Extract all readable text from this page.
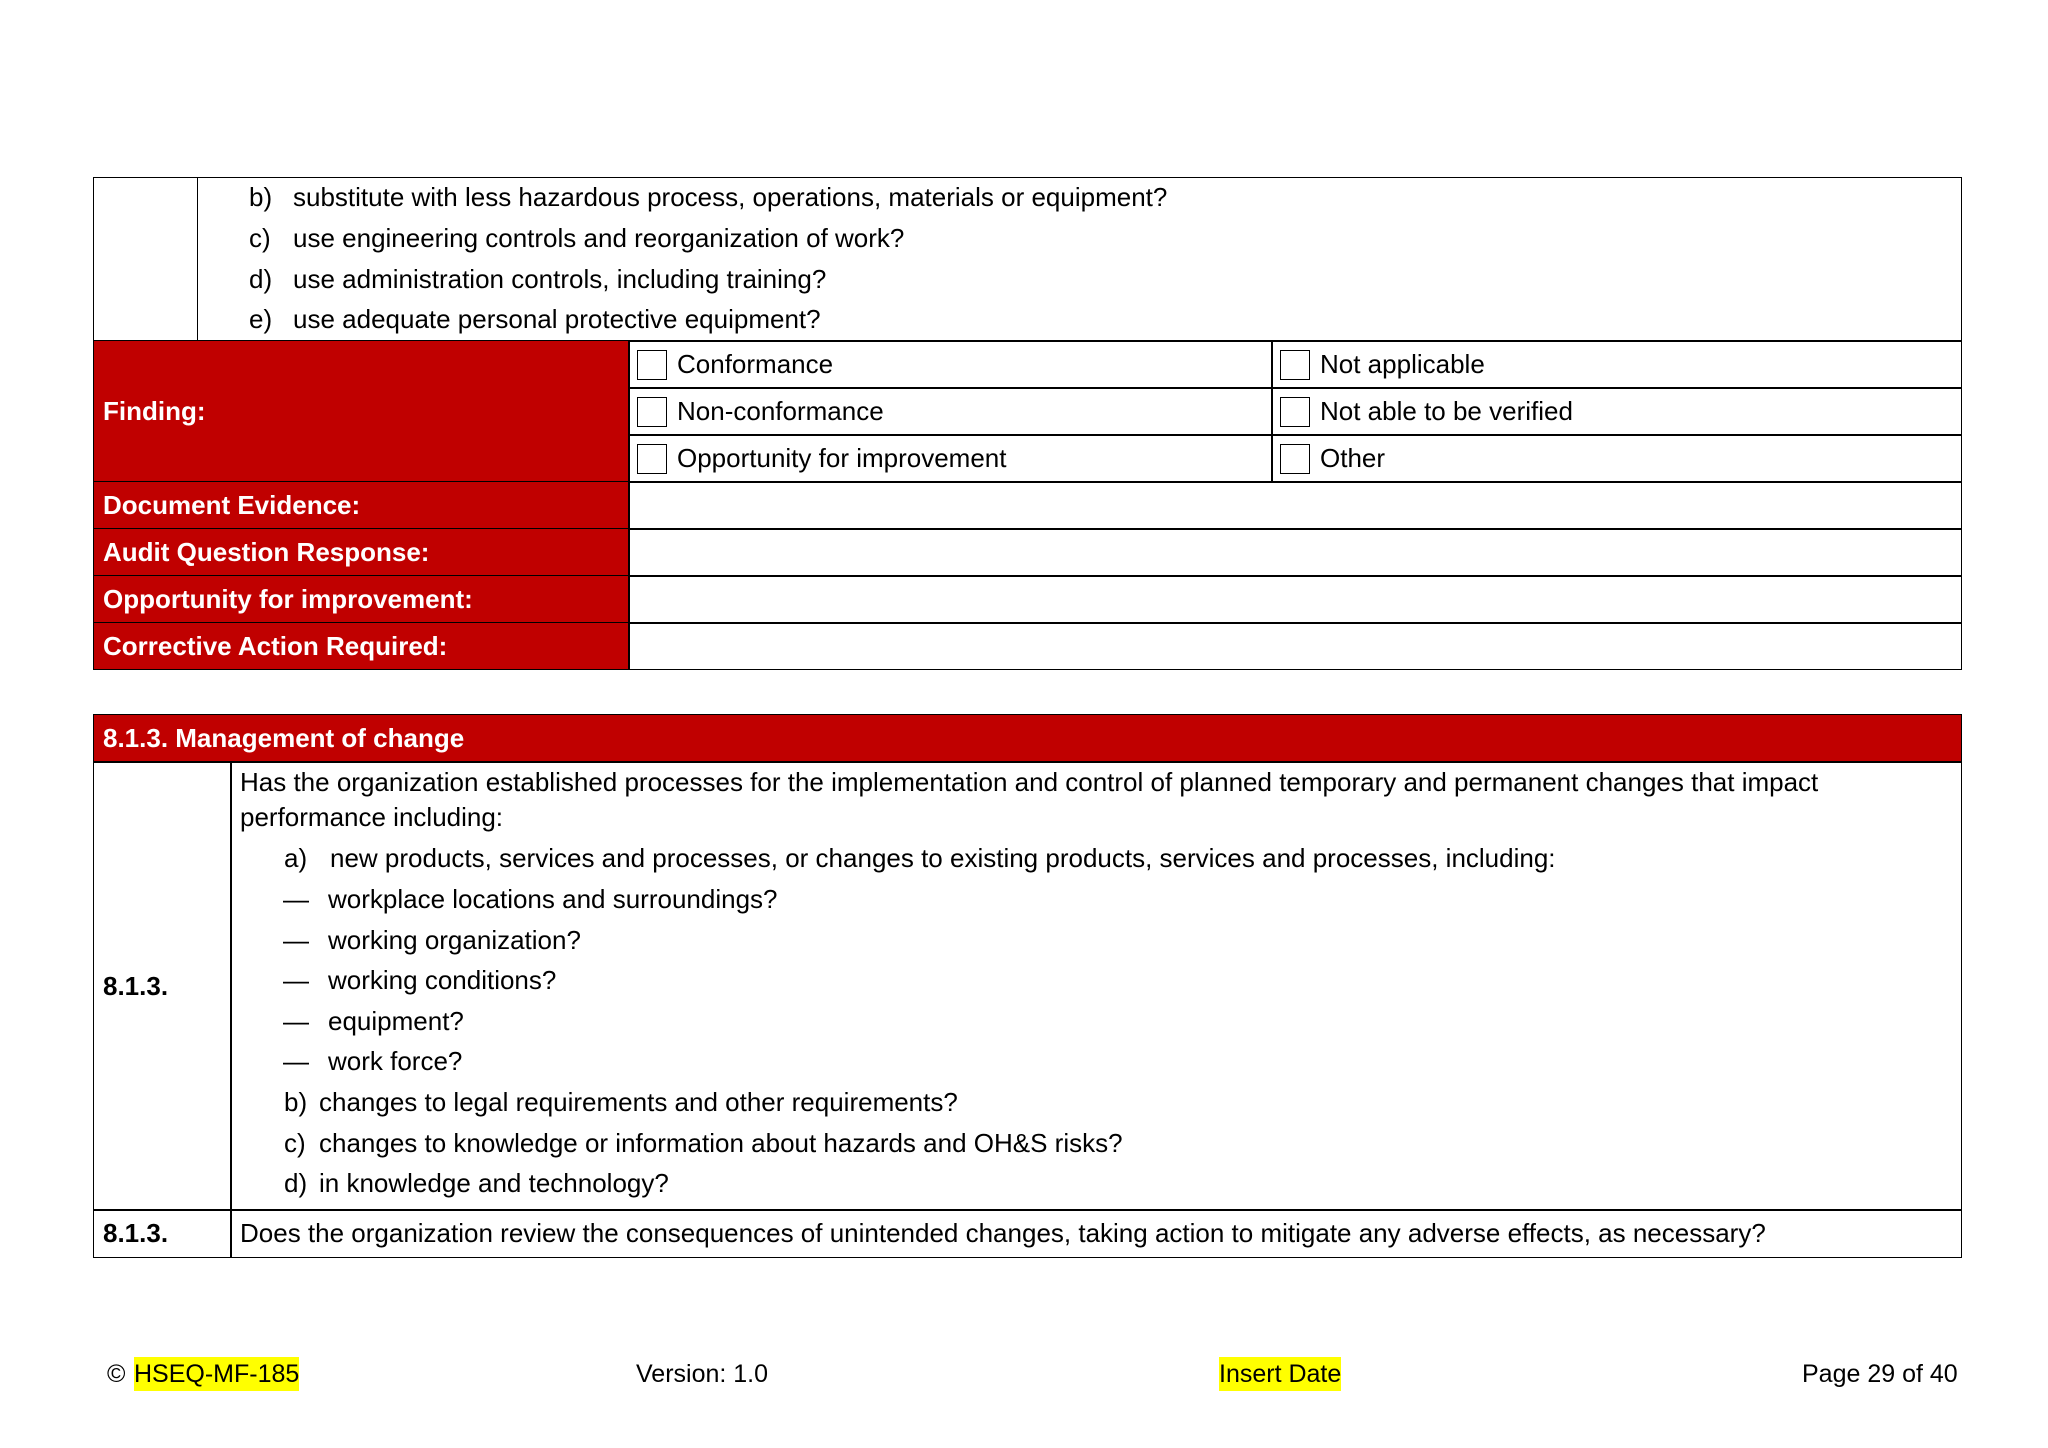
b) substitute with less hazardous process, operations, materials or equipment?
c) use engineering controls and reorganization of work?
d) use administration controls, including training?
e) use adequate personal protective equipment?
Finding:
Conformance	Not applicable
Non-conformance	Not able to be verified
Opportunity for improvement	Other
Document Evidence:
Audit Question Response:
Opportunity for improvement:
Corrective Action Required:
8.1.3. Management of change
8.1.3.
Has the organization established processes for the implementation and control of planned temporary and permanent changes that impact
performance including:
a) new products, services and processes, or changes to existing products, services and processes, including:
— workplace locations and surroundings?
— working organization?
— working conditions?
— equipment?
— work force?
b) changes to legal requirements and other requirements?
c) changes to knowledge or information about hazards and OH&S risks?
d) in knowledge and technology?
8.1.3.	Does the organization review the consequences of unintended changes, taking action to mitigate any adverse effects, as necessary?
© HSEQ-MF-185	Version: 1.0	Insert Date	Page 29 of 40
